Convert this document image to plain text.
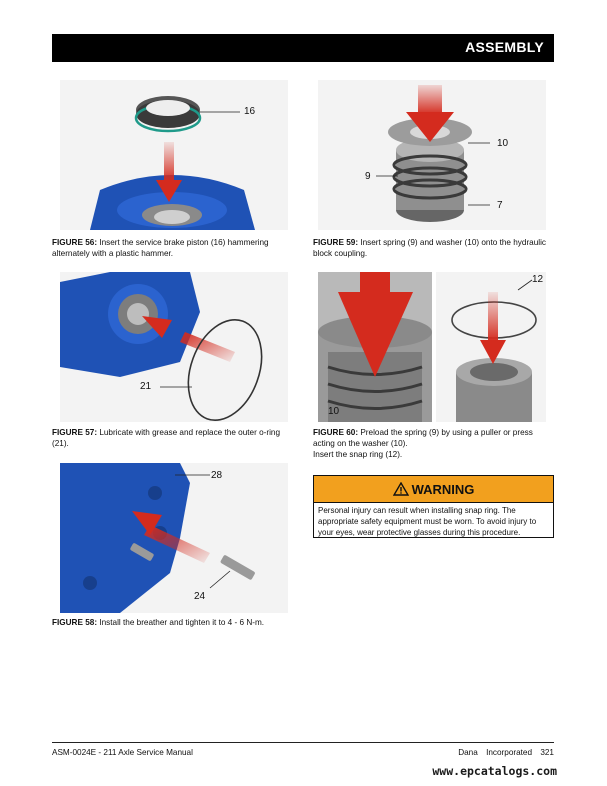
ASSEMBLY
16
FIGURE 56: Insert the service brake piston (16) hammering alternately with a plastic hammer.
21
FIGURE 57: Lubricate with grease and replace the outer o-ring (21).
28
24
FIGURE 58: Install the breather and tighten it to 4 - 6 N-m.
10
9
7
FIGURE 59: Insert spring (9) and washer (10) onto the hydraulic block coupling.
12
10
FIGURE 60: Preload the spring (9) by using a puller or press acting on the washer (10).
Insert the snap ring (12).
WARNING
Personal injury can result when installing snap ring. The appropriate safety equipment must be worn. To avoid injury to your eyes, wear protective glasses during this procedure.
ASM-0024E - 211 Axle Service Manual	Dana Incorporated 321
www.epcatalogs.com
